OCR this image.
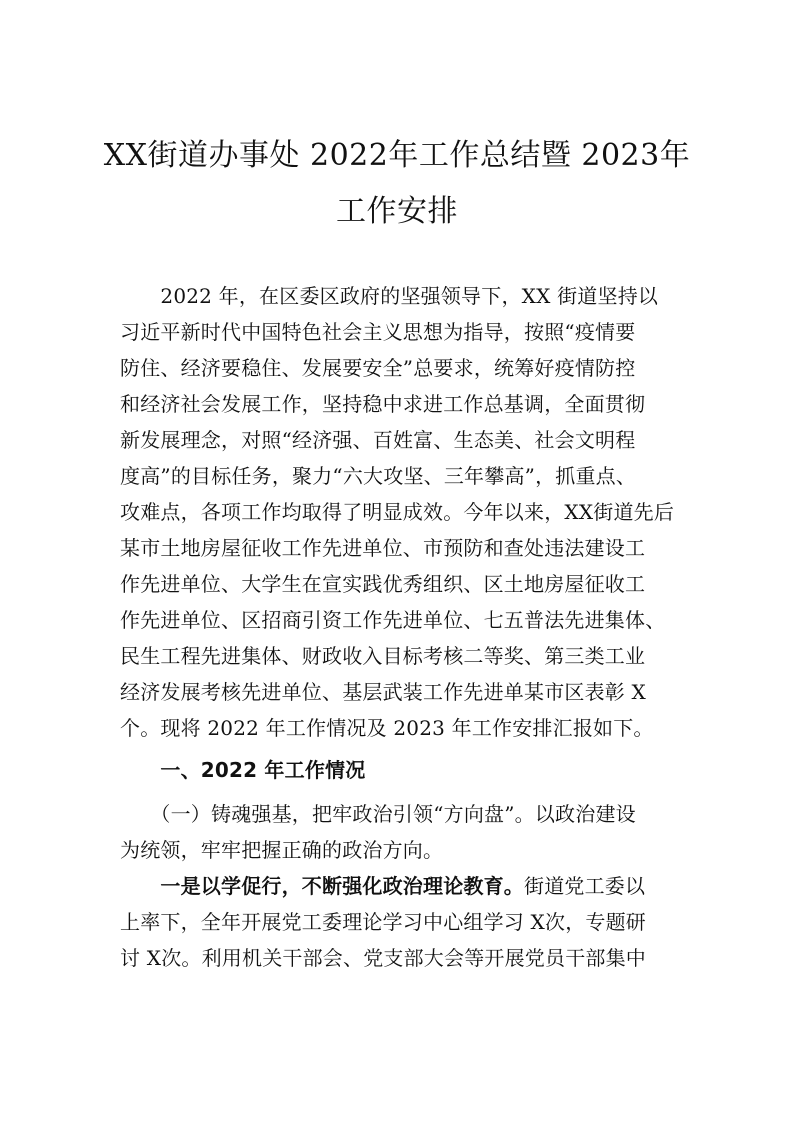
XX街道办事处 2022年工作总结暨 2023年
工作安排
　　2022 年，在区委区政府的坚强领导下，XX 街道坚持以
习近平新时代中国特色社会主义思想为指导，按照“疫情要
防住、经济要稳住、发展要安全”总要求，统筹好疫情防控
和经济社会发展工作，坚持稳中求进工作总基调，全面贯彻
新发展理念，对照“经济强、百姓富、生态美、社会文明程
度高”的目标任务，聚力“六大攻坚、三年攀高”，抓重点、
攻难点，各项工作均取得了明显成效。今年以来，XX街道先后
某市土地房屋征收工作先进单位、市预防和查处违法建设工
作先进单位、大学生在宣实践优秀组织、区土地房屋征收工
作先进单位、区招商引资工作先进单位、七五普法先进集体、
民生工程先进集体、财政收入目标考核二等奖、第三类工业
经济发展考核先进单位、基层武装工作先进单某市区表彰 X
个。现将 2022 年工作情况及 2023 年工作安排汇报如下。
　　一、2022 年工作情况
　　（一）铸魂强基，把牢政治引领“方向盘”。以政治建设
为统领，牢牢把握正确的政治方向。
　　一是以学促行，不断强化政治理论教育。街道党工委以
上率下，全年开展党工委理论学习中心组学习 X次，专题研
讨 X次。利用机关干部会、党支部大会等开展党员干部集中
